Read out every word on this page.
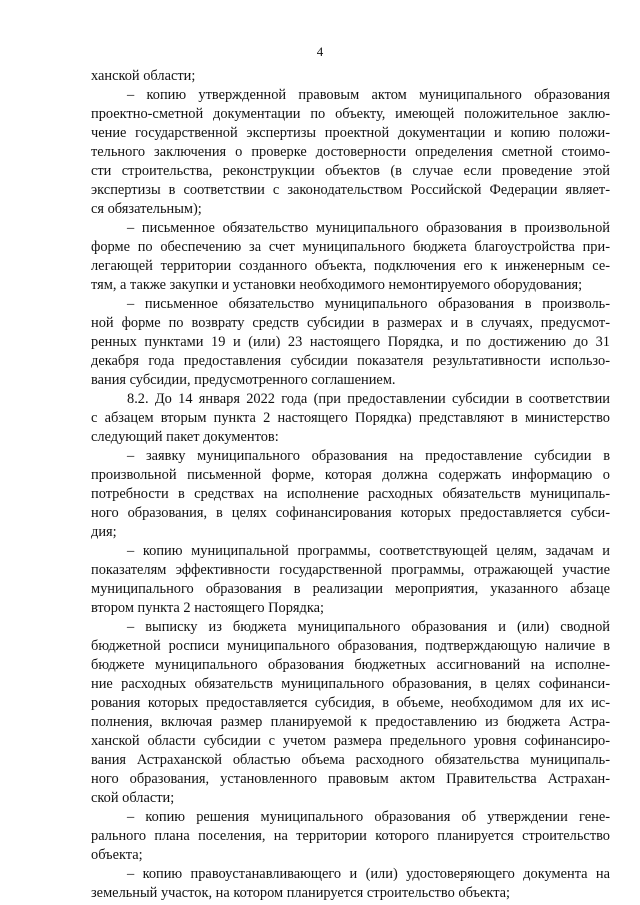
4
ханской области;
– копию утвержденной правовым актом муниципального образования
проектно-сметной документации по объекту, имеющей положительное заклю-
чение государственной экспертизы проектной документации и копию положи-
тельного заключения о проверке достоверности определения сметной стоимо-
сти строительства, реконструкции объектов (в случае если проведение этой
экспертизы в соответствии с законодательством Российской Федерации являет-
ся обязательным);
– письменное обязательство муниципального образования в произвольной
форме по обеспечению за счет муниципального бюджета благоустройства при-
легающей территории созданного объекта, подключения его к инженерным се-
тям, а также закупки и установки необходимого немонтируемого оборудования;
– письменное обязательство муниципального образования в произволь-
ной форме по возврату средств субсидии в размерах и в случаях, предусмот-
ренных пунктами 19 и (или) 23 настоящего Порядка, и по достижению до 31
декабря года предоставления субсидии показателя результативности использо-
вания субсидии, предусмотренного соглашением.
8.2. До 14 января 2022 года (при предоставлении субсидии в соответствии
с абзацем вторым пункта 2 настоящего Порядка) представляют в министерство
следующий пакет документов:
– заявку муниципального образования на предоставление субсидии в
произвольной письменной форме, которая должна содержать информацию о
потребности в средствах на исполнение расходных обязательств муниципаль-
ного образования, в целях софинансирования которых предоставляется субси-
дия;
– копию муниципальной программы, соответствующей целям, задачам и
показателям эффективности государственной программы, отражающей участие
муниципального образования в реализации мероприятия, указанного абзаце
втором пункта 2 настоящего Порядка;
– выписку из бюджета муниципального образования и (или) сводной
бюджетной росписи муниципального образования, подтверждающую наличие в
бюджете муниципального образования бюджетных ассигнований на исполне-
ние расходных обязательств муниципального образования, в целях софинанси-
рования которых предоставляется субсидия, в объеме, необходимом для их ис-
полнения, включая размер планируемой к предоставлению из бюджета Астра-
ханской области субсидии с учетом размера предельного уровня софинансиро-
вания Астраханской областью объема расходного обязательства муниципаль-
ного образования, установленного правовым актом Правительства Астрахан-
ской области;
– копию решения муниципального образования об утверждении гене-
рального плана поселения, на территории которого планируется строительство
объекта;
– копию правоустанавливающего и (или) удостоверяющего документа на
земельный участок, на котором планируется строительство объекта;
